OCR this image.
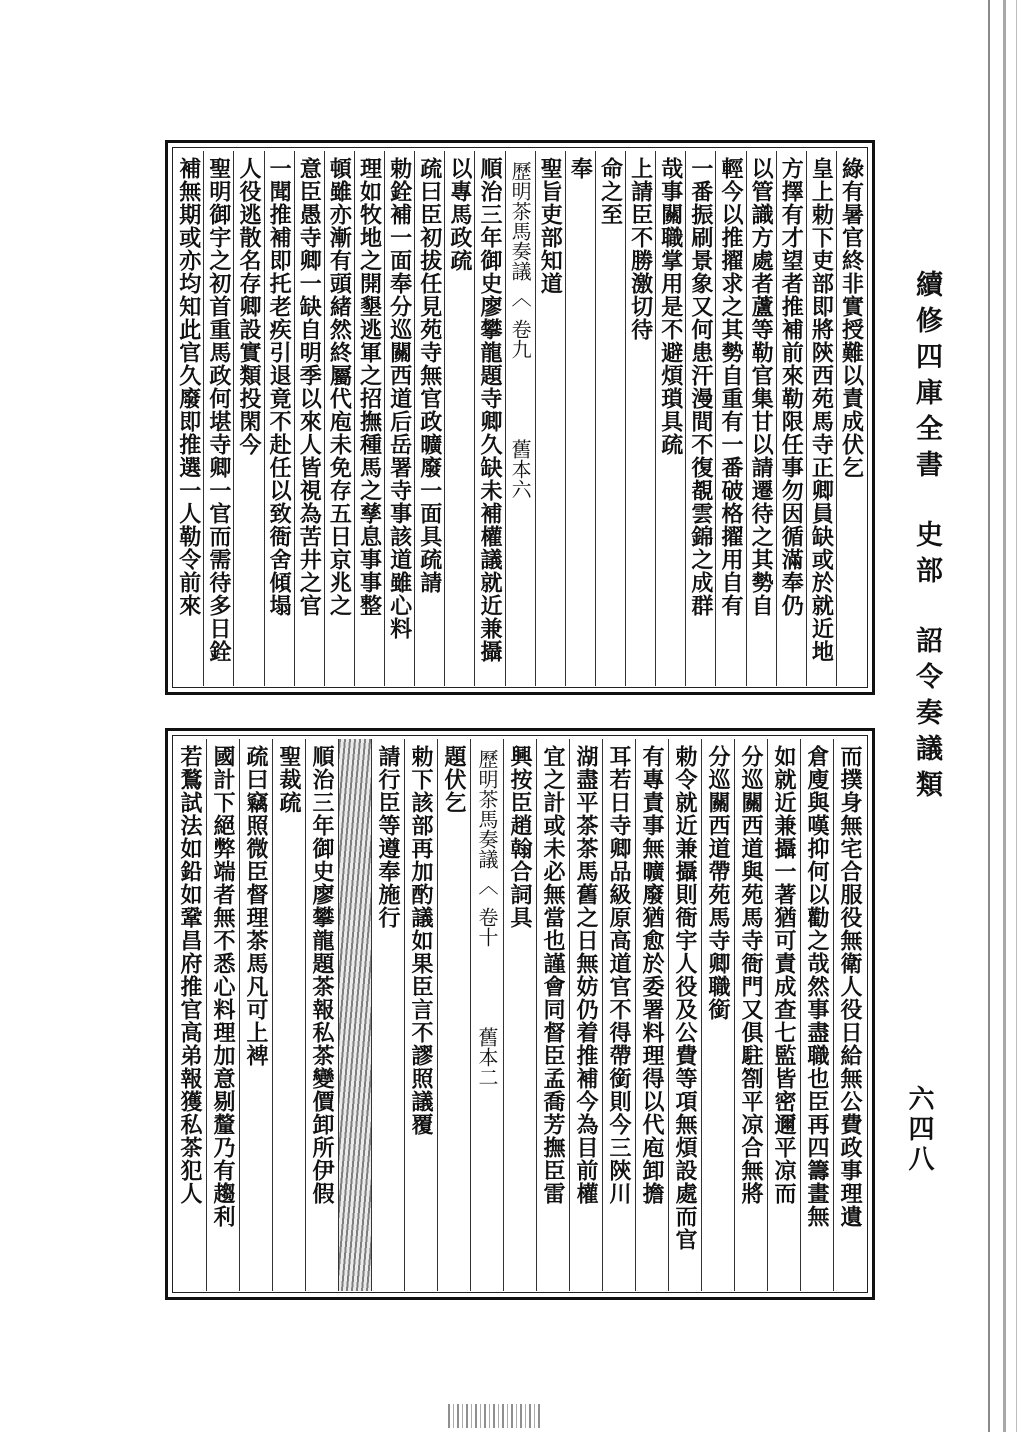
續修四庫全書史部詔令奏議類
六四八
綠有暑官終非實授難以責成伏乞
皇上勅下吏部即將陝西苑馬寺正卿員缺或於就近地
方擇有才望者推補前來勒限任事勿因循滿奉仍
以管識方處者蘆等勒官集甘以請遷待之其勢自
輕今以推擢求之其勢自重有一番破格擢用自有
一番振刷景象又何患汗漫間不復覩雲錦之成群
哉事關職掌用是不避煩瑣具疏
上請臣不勝激切待
命之至
奉
聖旨吏部知道
歷明茶馬奏議
〈
卷九
舊本六
順治三年御史廖攀龍題寺卿久缺未補權議就近兼攝
以專馬政疏
疏曰臣初拔任見苑寺無官政曠廢一面具疏請
勅銓補一面奉分巡關西道后岳署寺事該道雖心料
理如牧地之開墾逃軍之招撫種馬之孳息事事整
頓雖亦漸有頭緒然終屬代庖未免存五日京兆之
意臣愚寺卿一缺自明季以來人皆視為苦井之官
一聞推補即托老疾引退竟不赴任以致衙舍傾塌
人役逃散名存卿設實類投閑今
聖明御宇之初首重馬政何堪寺卿一官而需待多日銓
補無期或亦均知此官久廢即推選一人勒令前來
而撲身無宅合服役無衛人役日給無公費政事理遺
倉廋與嘆抑何以勸之哉然事盡職也臣再四籌畫無
如就近兼攝一著猶可責成查七監皆密邇平凉而
分巡關西道與苑馬寺衙門又俱駐劄平凉合無將
分巡關西道帶苑馬寺卿職銜
勅令就近兼攝則衙宇人役及公費等項無煩設處而官
有專責事無曠廢猶愈於委署料理得以代庖卸擔
耳若日寺卿品級原高道官不得帶銜則今三陝川
湖盡平茶茶馬舊之日無妨仍着推補今為目前權
宜之計或未必無當也謹會同督臣孟喬芳撫臣雷
興按臣趙翰合詞具
歷明茶馬奏議
〈
卷十
舊本二
題伏乞
勅下該部再加酌議如果臣言不謬照議覆
請行臣等遵奉施行
順治三年御史廖攀龍題茶報私茶變價卸所伊假
聖裁疏
疏曰竊照微臣督理茶馬凡可上裨
國計下絕弊端者無不悉心料理加意剔釐乃有趨利
若鶩試法如鉛如鞏昌府推官高弟報獲私茶犯人
